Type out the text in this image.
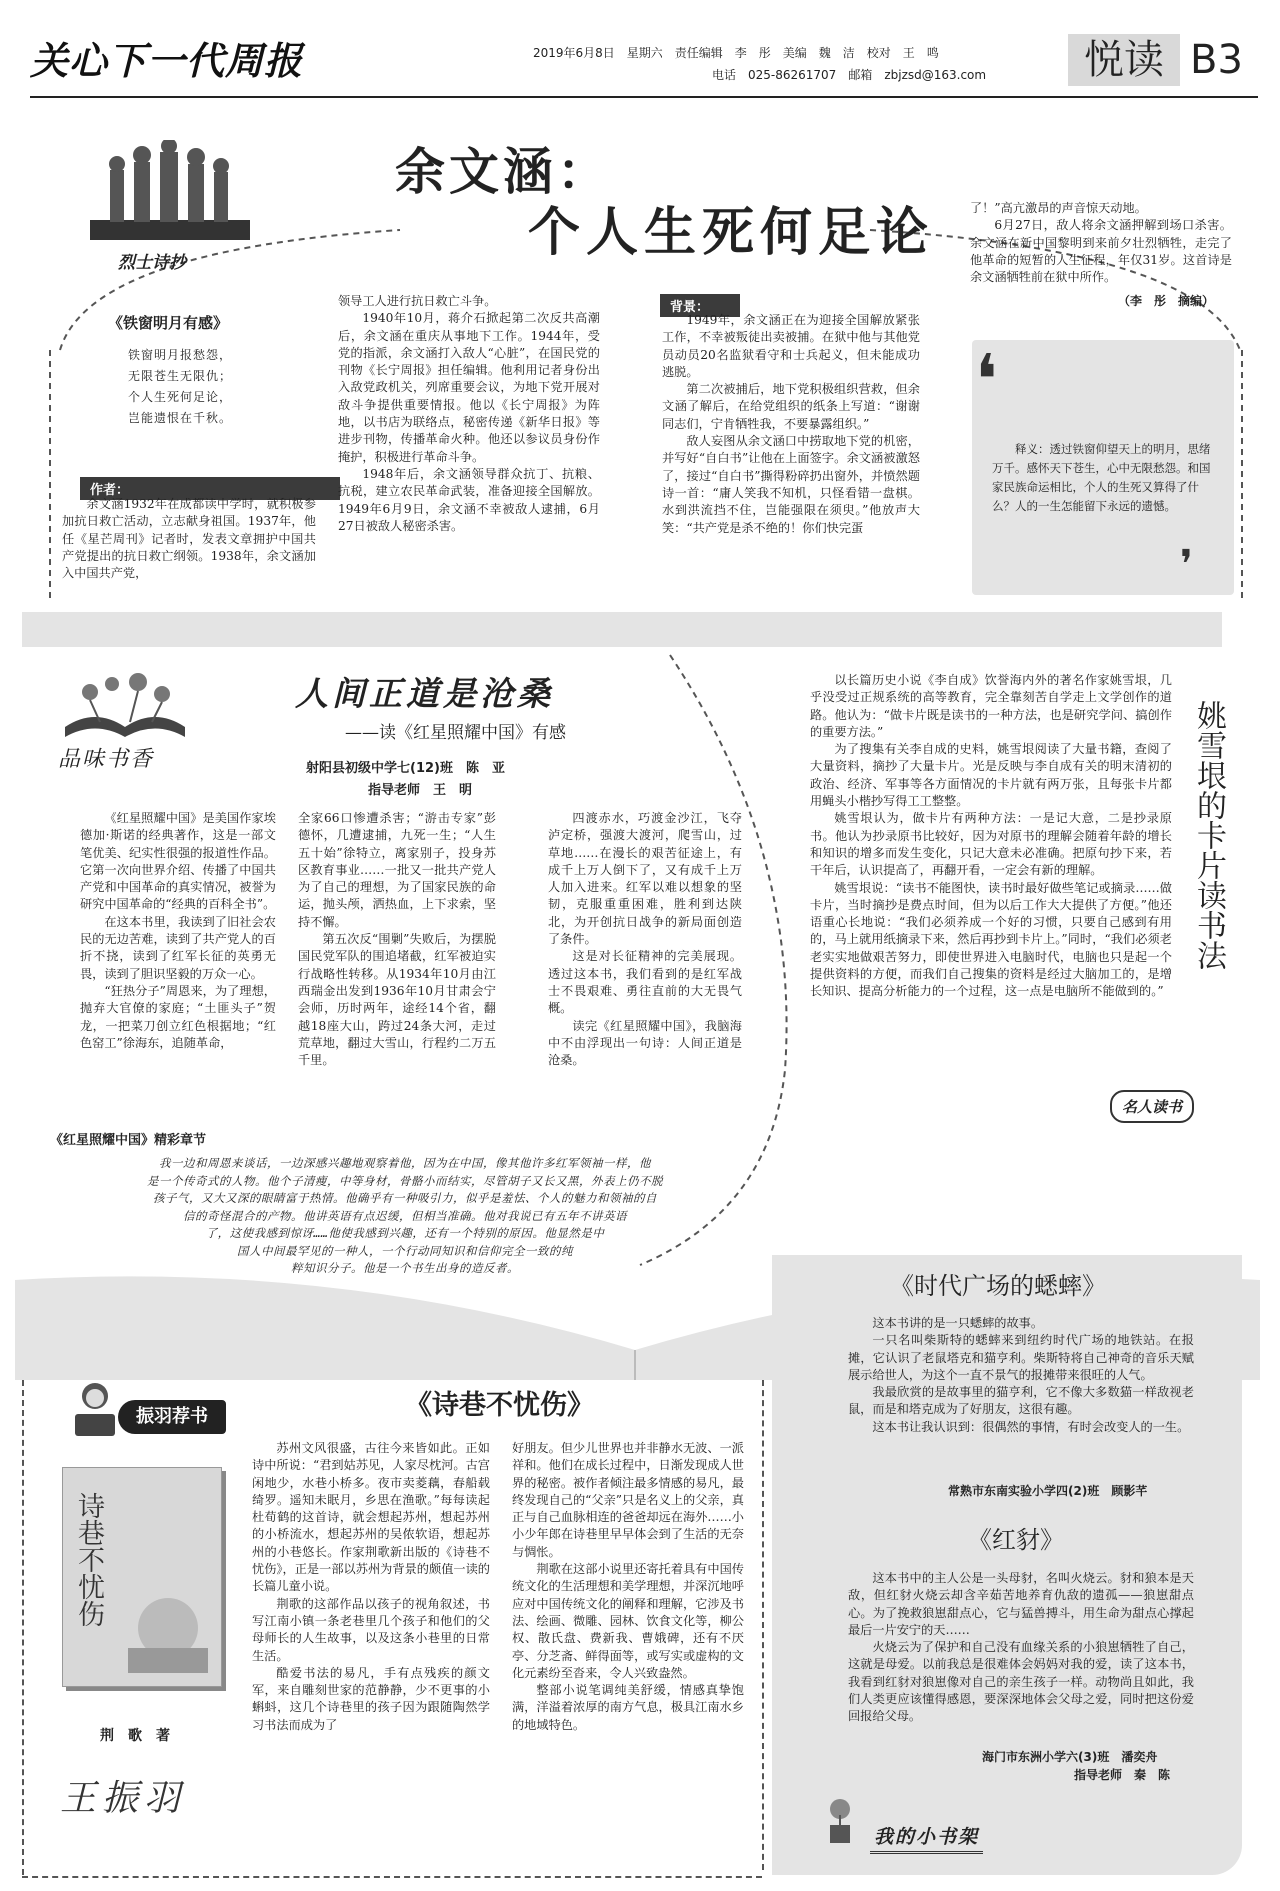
关心下一代周报	2019年6月8日　星期六　责任编辑　李　彤　美编　魏　洁　校对　王　鸣
电话　025-86261707　邮箱　zbjzsd@163.com	悦读 B3
烈士诗抄
余文涵：
个人生死何足论
《铁窗明月有感》
铁窗明月报愁怨，
无限苍生无限仇；
个人生死何足论，
岂能遗恨在千秋。
作者：

余文涵1932年在成都读中学时，就积极参加抗日救亡活动，立志献身祖国。1937年，他任《星芒周刊》记者时，发表文章拥护中国共产党提出的抗日救亡纲领。1938年，余文涵加入中国共产党，

领导工人进行抗日救亡斗争。

1940年10月，蒋介石掀起第二次反共高潮后，余文涵在重庆从事地下工作。1944年，受党的指派，余文涵打入敌人“心脏”，在国民党的刊物《长宁周报》担任编辑。他利用记者身份出入敌党政机关，列席重要会议，为地下党开展对敌斗争提供重要情报。他以《长宁周报》为阵地，以书店为联络点，秘密传递《新华日报》等进步刊物，传播革命火种。他还以参议员身份作掩护，积极进行革命斗争。

1948年后，余文涵领导群众抗丁、抗粮、抗税，建立农民革命武装，准备迎接全国解放。1949年6月9日，余文涵不幸被敌人逮捕，6月27日被敌人秘密杀害。

背景：

1949年，余文涵正在为迎接全国解放紧张工作，不幸被叛徒出卖被捕。在狱中他与其他党员动员20名监狱看守和士兵起义，但未能成功逃脱。

第二次被捕后，地下党积极组织营救，但余文涵了解后，在给党组织的纸条上写道：“谢谢同志们，宁肯牺牲我，不要暴露组织。”

敌人妄图从余文涵口中捞取地下党的机密，并写好“自白书”让他在上面签字。余文涵被激怒了，接过“自白书”撕得粉碎扔出窗外，并愤然题诗一首：“庸人笑我不知机，只怪看错一盘棋。水到洪流挡不住，岂能强限在须臾。”他放声大笑：“共产党是杀不绝的！你们快完蛋

了！”高亢激昂的声音惊天动地。

6月27日，敌人将余文涵押解到场口杀害。余文涵在新中国黎明到来前夕壮烈牺牲，走完了他革命的短暂的人生征程，年仅31岁。这首诗是余文涵牺牲前在狱中所作。

（李　彤　摘编）
❛
释义：透过铁窗仰望天上的明月，思绪万千。感怀天下苍生，心中无限愁怨。和国家民族命运相比，个人的生死又算得了什么？人的一生怎能留下永远的遗憾。
❜
品味书香
人间正道是沧桑
——读《红星照耀中国》有感
射阳县初级中学七(12)班　陈　亚
指导老师　王　明

《红星照耀中国》是美国作家埃德加·斯诺的经典著作，这是一部文笔优美、纪实性很强的报道性作品。它第一次向世界介绍、传播了中国共产党和中国革命的真实情况，被誉为研究中国革命的“经典的百科全书”。

在这本书里，我读到了旧社会农民的无边苦难，读到了共产党人的百折不挠，读到了红军长征的英勇无畏，读到了胆识坚毅的万众一心。

“狂热分子”周恩来，为了理想，抛弃大官僚的家庭；“土匪头子”贺龙，一把菜刀创立红色根据地；“红色窑工”徐海东，追随革命，

全家66口惨遭杀害；“游击专家”彭德怀，几遭逮捕，九死一生；“人生五十始”徐特立，离家别子，投身苏区教育事业……一批又一批共产党人为了自己的理想，为了国家民族的命运，抛头颅，洒热血，上下求索，坚持不懈。

第五次反“围剿”失败后，为摆脱国民党军队的围追堵截，红军被迫实行战略性转移。从1934年10月由江西瑞金出发到1936年10月甘肃会宁会师，历时两年，途经14个省，翻越18座大山，跨过24条大河，走过荒草地，翻过大雪山，行程约二万五千里。

四渡赤水，巧渡金沙江，飞夺泸定桥，强渡大渡河，爬雪山，过草地……在漫长的艰苦征途上，有成千上万人倒下了，又有成千上万人加入进来。红军以难以想象的坚韧，克服重重困难，胜利到达陕北，为开创抗日战争的新局面创造了条件。

这是对长征精神的完美展现。透过这本书，我们看到的是红军战士不畏艰难、勇往直前的大无畏气概。

读完《红星照耀中国》，我脑海中不由浮现出一句诗：人间正道是沧桑。

《红星照耀中国》精彩章节
我一边和周恩来谈话，一边深感兴趣地观察着他，因为在中国，像其他许多红军领袖一样，他
是一个传奇式的人物。他个子清瘦，中等身材，骨骼小而结实，尽管胡子又长又黑，外表上仍不脱
孩子气，又大又深的眼睛富于热情。他确乎有一种吸引力，似乎是羞怯、个人的魅力和领袖的自
信的奇怪混合的产物。他讲英语有点迟缓，但相当准确。他对我说已有五年不讲英语
了，这使我感到惊讶……他使我感到兴趣，还有一个特别的原因。他显然是中
国人中间最罕见的一种人，一个行动同知识和信仰完全一致的纯
粹知识分子。他是一个书生出身的造反者。

以长篇历史小说《李自成》饮誉海内外的著名作家姚雪垠，几乎没受过正规系统的高等教育，完全靠刻苦自学走上文学创作的道路。他认为：“做卡片既是读书的一种方法，也是研究学问、搞创作的重要方法。”

为了搜集有关李自成的史料，姚雪垠阅读了大量书籍，查阅了大量资料，摘抄了大量卡片。光是反映与李自成有关的明末清初的政治、经济、军事等各方面情况的卡片就有两万张，且每张卡片都用蝇头小楷抄写得工工整整。

姚雪垠认为，做卡片有两种方法：一是记大意，二是抄录原书。他认为抄录原书比较好，因为对原书的理解会随着年龄的增长和知识的增多而发生变化，只记大意未必准确。把原句抄下来，若干年后，认识提高了，再翻开看，一定会有新的理解。

姚雪垠说：“读书不能图快，读书时最好做些笔记或摘录……做卡片，当时摘抄是费点时间，但为以后工作大大提供了方便。”他还语重心长地说：“我们必须养成一个好的习惯，只要自己感到有用的，马上就用纸摘录下来，然后再抄到卡片上。”同时，“我们必须老老实实地做艰苦努力，即使世界进入电脑时代，电脑也只是起一个提供资料的方便，而我们自己搜集的资料是经过大脑加工的，是增长知识、提高分析能力的一个过程，这一点是电脑所不能做到的。”

姚雪垠的卡片读书法
名人读书
振羽荐书
诗巷不忧伤
荆　歌　著
王振羽
《诗巷不忧伤》

苏州文风很盛，古往今来皆如此。正如诗中所说：“君到姑苏见，人家尽枕河。古宫闲地少，水巷小桥多。夜市卖菱藕，春船载绮罗。遥知未眠月，乡思在渔歌。”每每读起杜荀鹤的这首诗，就会想起苏州，想起苏州的小桥流水，想起苏州的吴侬软语，想起苏州的小巷悠长。作家荆歌新出版的《诗巷不忧伤》，正是一部以苏州为背景的颇值一读的长篇儿童小说。

荆歌的这部作品以孩子的视角叙述，书写江南小镇一条老巷里几个孩子和他们的父母师长的人生故事，以及这条小巷里的日常生活。

酷爱书法的易凡，手有点残疾的颜文军，来自雕刻世家的范静静，少不更事的小蝌蚪，这几个诗巷里的孩子因为跟随陶然学习书法而成为了

好朋友。但少儿世界也并非静水无波、一派祥和。他们在成长过程中，日渐发现成人世界的秘密。被作者倾注最多情感的易凡，最终发现自己的“父亲”只是名义上的父亲，真正与自己血脉相连的爸爸却远在海外……小小少年郎在诗巷里早早体会到了生活的无奈与惆怅。

荆歌在这部小说里还寄托着具有中国传统文化的生活理想和美学理想，并深沉地呼应对中国传统文化的阐释和理解，它涉及书法、绘画、微雕、园林、饮食文化等，柳公权、散氏盘、费新我、曹娥碑，还有不厌亭、分芝斋、鲜得面等，或写实或虚构的文化元素纷至沓来，令人兴致盎然。

整部小说笔调纯美舒缓，情感真挚饱满，洋溢着浓厚的南方气息，极具江南水乡的地域特色。

《时代广场的蟋蟀》

这本书讲的是一只蟋蟀的故事。

一只名叫柴斯特的蟋蟀来到纽约时代广场的地铁站。在报摊，它认识了老鼠塔克和猫亨利。柴斯特将自己神奇的音乐天赋展示给世人，为这个一直不景气的报摊带来很旺的人气。

我最欣赏的是故事里的猫亨利，它不像大多数猫一样敌视老鼠，而是和塔克成为了好朋友，这很有趣。

这本书让我认识到：很偶然的事情，有时会改变人的一生。

常熟市东南实验小学四(2)班　顾影芊
《红豺》

这本书中的主人公是一头母豺，名叫火烧云。豺和狼本是天敌，但红豺火烧云却含辛茹苦地养育仇敌的遗孤——狼崽甜点心。为了挽救狼崽甜点心，它与猛兽搏斗，用生命为甜点心撑起最后一片安宁的天……

火烧云为了保护和自己没有血缘关系的小狼崽牺牲了自己，这就是母爱。以前我总是很难体会妈妈对我的爱，读了这本书，我看到红豺对狼崽像对自己的亲生孩子一样。动物尚且如此，我们人类更应该懂得感恩，要深深地体会父母之爱，同时把这份爱回报给父母。

海门市东洲小学六(3)班　潘奕舟
指导老师　秦　陈
我的小书架
